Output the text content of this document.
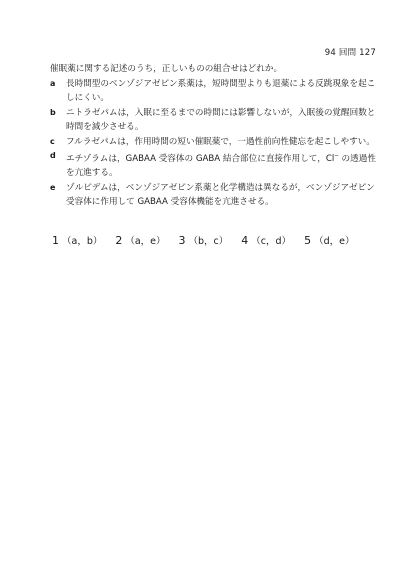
94 回問 127

催眠薬に関する記述のうち，正しいものの組合せはどれか。

a 長時間型のベンゾジアゼピン系薬は，短時間型よりも退薬による反跳現象を起こしにくい。

b ニトラゼパムは，入眠に至るまでの時間には影響しないが，入眠後の覚醒回数と時間を減少させる。

c フルラゼパムは，作用時間の短い催眠薬で，一過性前向性健忘を起こしやすい。

d エチゾラムは，GABAA 受容体の GABA 結合部位に直接作用して，Cl− の透過性を亢進する。

e ゾルピデムは，ベンゾジアゼピン系薬と化学構造は異なるが，ベンゾジアゼピン受容体に作用して GABAA 受容体機能を亢進させる。

1 （a，b） 2 （a，e） 3 （b，c） 4 （c，d） 5 （d，e）
